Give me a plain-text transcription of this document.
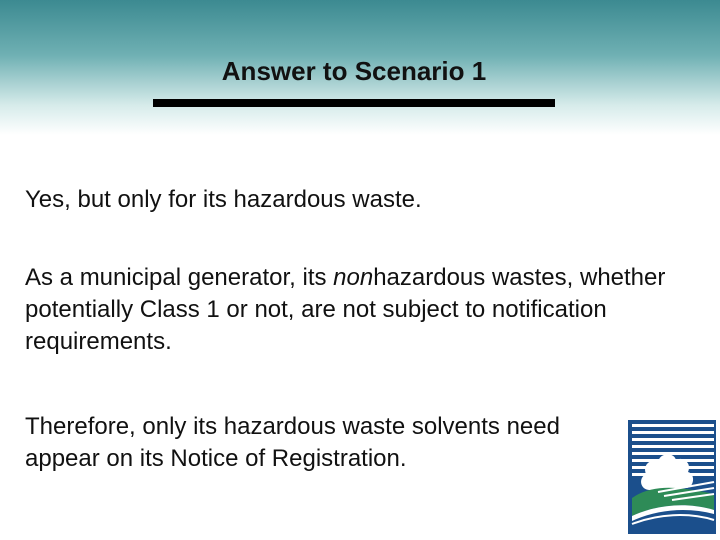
Answer to Scenario 1

Yes, but only for its hazardous waste.

As a municipal generator, its nonhazardous wastes, whether potentially Class 1 or not, are not subject to notification requirements.

Therefore, only its hazardous waste solvents need appear on its Notice of Registration.
